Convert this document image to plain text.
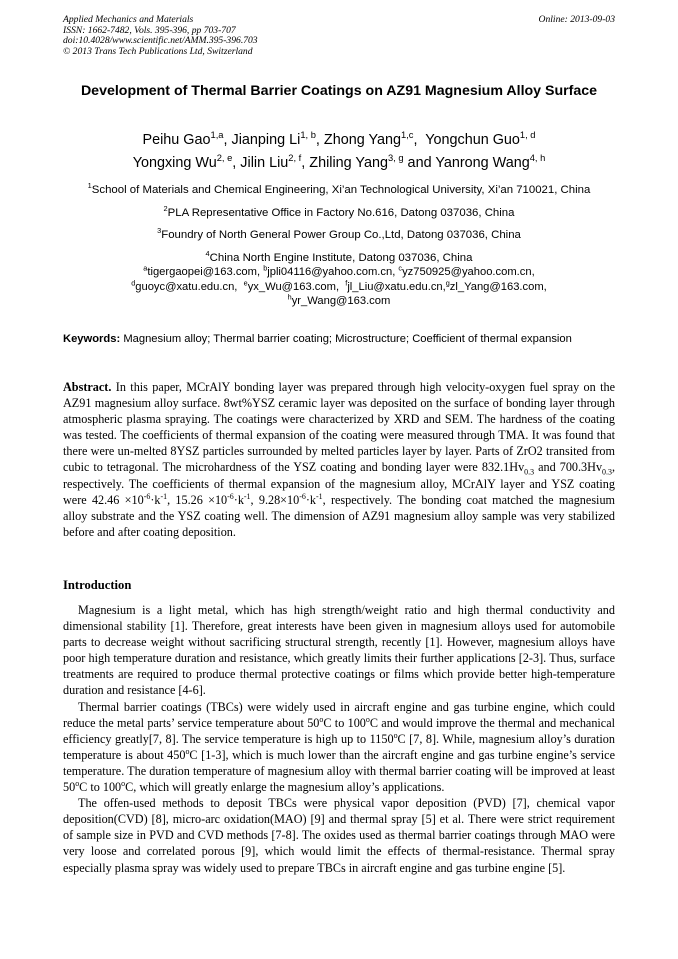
Applied Mechanics and Materials
ISSN: 1662-7482, Vols. 395-396, pp 703-707
doi:10.4028/www.scientific.net/AMM.395-396.703
© 2013 Trans Tech Publications Ltd, Switzerland
Online: 2013-09-03
Development of Thermal Barrier Coatings on AZ91 Magnesium Alloy Surface
Peihu Gao$^{1,a}$, Jianping Li$^{1, b}$, Zhong Yang$^{1,c}$,  Yongchun Guo$^{1, d}$
Yongxing Wu$^{2, e}$, Jilin Liu$^{2, f}$, Zhiling Yang$^{3, g}$ and Yanrong Wang$^{4, h}$
$^1$School of Materials and Chemical Engineering, Xi’an Technological University, Xi’an 710021, China
$^2$PLA Representative Office in Factory No.616, Datong 037036, China
$^3$Foundry of North General Power Group Co.,Ltd, Datong 037036, China
$^4$China North Engine Institute, Datong 037036, China
$^a$tigergaopei@163.com, $^b$jpli04116@yahoo.com.cn, $^c$yz750925@yahoo.com.cn,
$^d$guoyc@xatu.edu.cn, $^e$yx_Wu@163.com, $^f$jl_Liu@xatu.edu.cn,$^g$zl_Yang@163.com,
$^h$yr_Wang@163.com
Keywords: Magnesium alloy; Thermal barrier coating; Microstructure; Coefficient of thermal expansion
Abstract. In this paper, MCrAlY bonding layer was prepared through high velocity-oxygen fuel spray on the AZ91 magnesium alloy surface. 8wt%YSZ ceramic layer was deposited on the surface of bonding layer through atmospheric plasma spraying. The coatings were characterized by XRD and SEM. The hardness of the coating was tested. The coefficients of thermal expansion of the coating were measured through TMA. It was found that there were un-melted 8YSZ particles surrounded by melted particles layer by layer. Parts of ZrO2 transited from cubic to tetragonal. The microhardness of the YSZ coating and bonding layer were $832.1Hv_{0.3}$ and $700.3Hv_{0.3}$, respectively. The coefficients of thermal expansion of the magnesium alloy, MCrAlY layer and YSZ coating were $42.46 \times 10^{-6}\cdot k^{-1}$, $15.26 \times 10^{-6}\cdot k^{-1}$, $9.28\times 10^{-6}\cdot k^{-1}$, respectively. The bonding coat matched the magnesium alloy substrate and the YSZ coating well. The dimension of AZ91 magnesium alloy sample was very stabilized before and after coating deposition.
Introduction

Magnesium is a light metal, which has high strength/weight ratio and high thermal conductivity and dimensional stability [1]. Therefore, great interests have been given in magnesium alloys used for automobile parts to decrease weight without sacrificing structural strength, recently [1]. However, magnesium alloys have poor high temperature duration and resistance, which greatly limits their further applications [2-3]. Thus, surface treatments are required to produce thermal protective coatings or films which provide better high-temperature duration and resistance [4-6].

Thermal barrier coatings (TBCs) were widely used in aircraft engine and gas turbine engine, which could reduce the metal parts’ service temperature about 50$^o$C to 100$^o$C and would improve the thermal and mechanical efficiency greatly[7, 8]. The service temperature is high up to 1150$^o$C [7, 8]. While, magnesium alloy’s duration temperature is about 450$^o$C [1-3], which is much lower than the aircraft engine and gas turbine engine’s service temperature. The duration temperature of magnesium alloy with thermal barrier coating will be improved at least 50$^o$C to 100$^o$C, which will greatly enlarge the magnesium alloy’s applications.

The offen-used methods to deposit TBCs were physical vapor deposition (PVD) [7], chemical vapor deposition(CVD) [8], micro-arc oxidation(MAO) [9] and thermal spray [5] et al. There were strict requirement of sample size in PVD and CVD methods [7-8]. The oxides used as thermal barrier coatings through MAO were very loose and correlated porous [9], which would limit the effects of thermal-resistance. Thermal spray especially plasma spray was widely used to prepare TBCs in aircraft engine and gas turbine engine [5].
